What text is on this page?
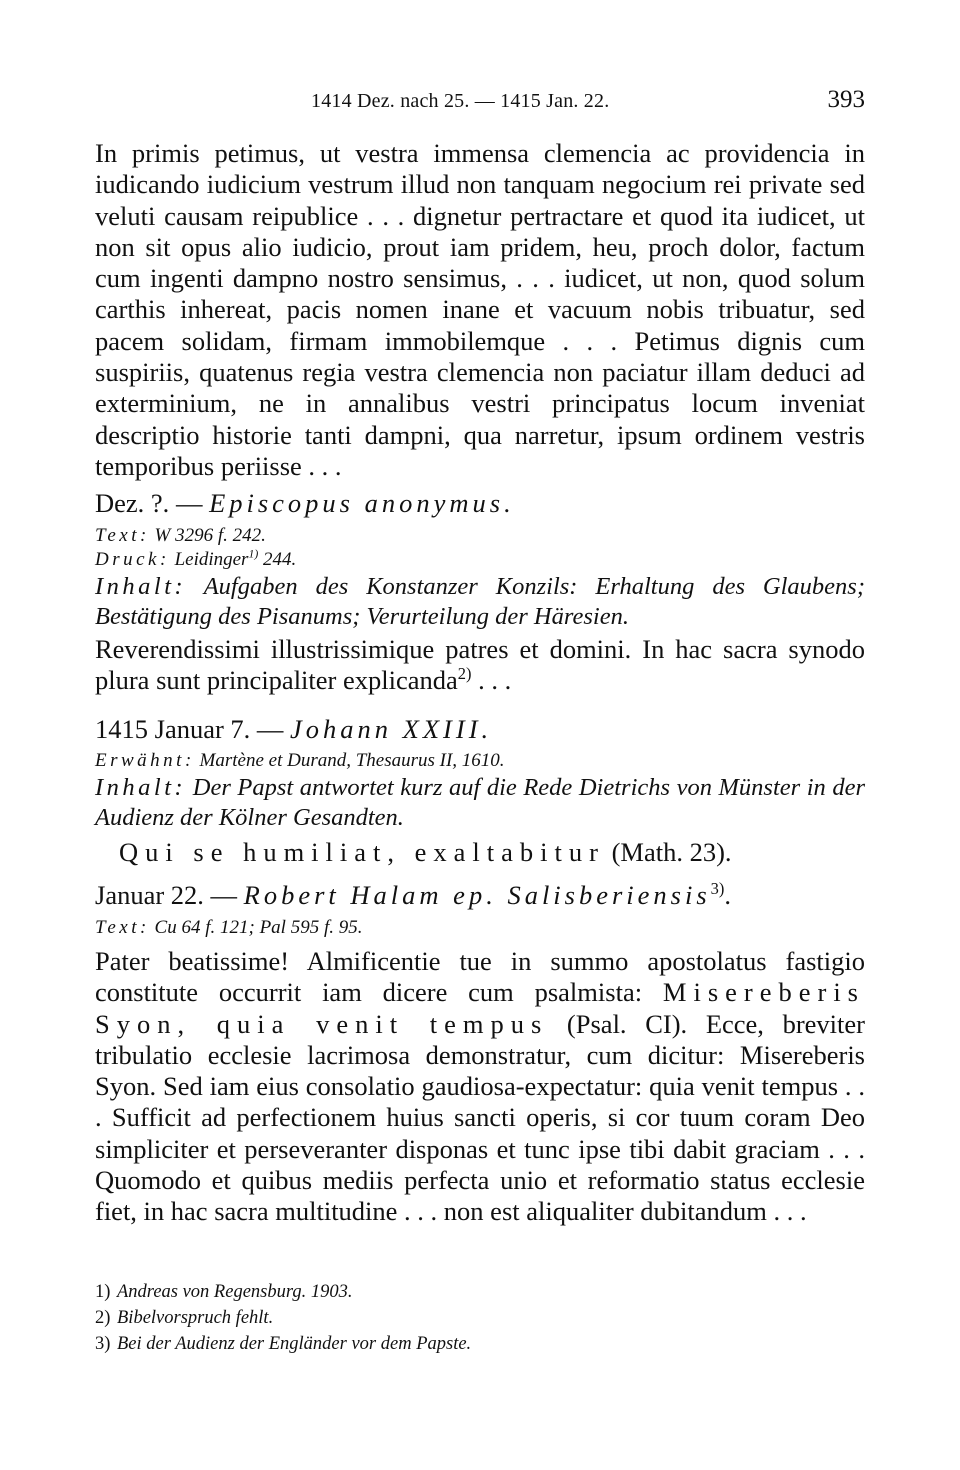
1414 Dez. nach 25. — 1415 Jan. 22.	393

In primis petimus, ut vestra immensa clemencia ac providencia in iudicando iudicium vestrum illud non tanquam negocium rei private sed veluti causam reipublice . . . dignetur pertractare et quod ita iudicet, ut non sit opus alio iudicio, prout iam pridem, heu, proch dolor, factum cum ingenti dampno nostro sensimus, . . . iudicet, ut non, quod solum carthis inhereat, pacis nomen inane et vacuum nobis tribuatur, sed pacem solidam, firmam immobilemque . . . Petimus dignis cum suspiriis, quatenus regia vestra clemencia non paciatur illam deduci ad exterminium, ne in annalibus vestri principatus locum inveniat descriptio historie tanti dampni, qua narretur, ipsum ordinem vestris temporibus periisse . . .

Dez. ?. — Episcopus anonymus.

Text: W 3296 f. 242.

Druck: Leidinger$^{1)}$ 244.

Inhalt: Aufgaben des Konstanzer Konzils: Erhaltung des Glaubens; Bestätigung des Pisanums; Verurteilung der Häresien.

Reverendissimi illustrissimique patres et domini. In hac sacra synodo plura sunt principaliter explicanda$^{2)}$ . . .

1415 Januar 7. — Johann XXIII.

Erwähnt: Martène et Durand, Thesaurus II, 1610.

Inhalt: Der Papst antwortet kurz auf die Rede Dietrichs von Münster in der Audienz der Kölner Gesandten.

Qui se humiliat, exaltabitur (Math. 23).

Januar 22. — Robert Halam ep. Salisberiensis$^{3)}$.

Text: Cu 64 f. 121; Pal 595 f. 95.

Pater beatissime! Almificentie tue in summo apostolatus fastigio constitute occurrit iam dicere cum psalmista: Misereberis Syon, quia venit tempus (Psal. CI). Ecce, breviter tribulatio ecclesie lacrimosa demonstratur, cum dicitur: Misereberis Syon. Sed iam eius consolatio gaudiosa-expectatur: quia venit tempus . . . Sufficit ad perfectionem huius sancti operis, si cor tuum coram Deo simpliciter et perseveranter disponas et tunc ipse tibi dabit graciam . . . Quomodo et quibus mediis perfecta unio et reformatio status ecclesie fiet, in hac sacra multitudine . . . non est aliqualiter dubitandum . . .

1) Andreas von Regensburg. 1903.

2) Bibelvorspruch fehlt.

3) Bei der Audienz der Engländer vor dem Papste.
